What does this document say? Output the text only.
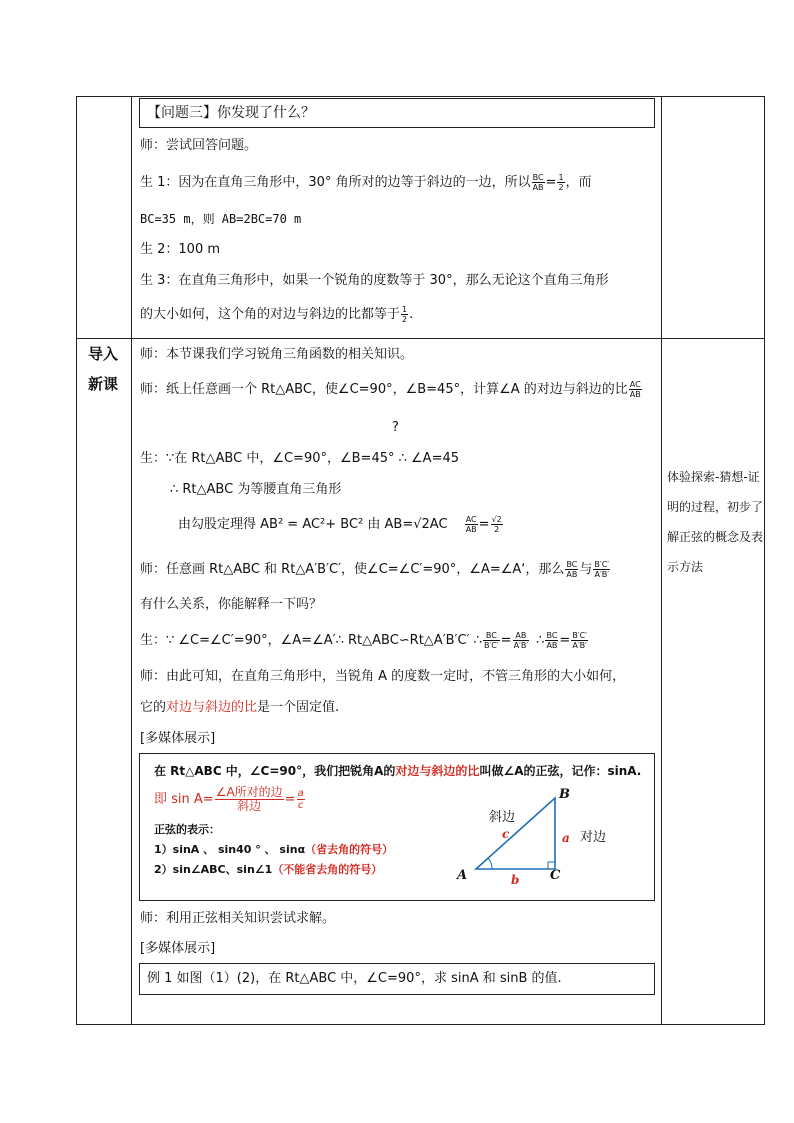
导入
新课
体验探索-猜想-证明的过程，初步了解正弦的概念及表示方法
【问题三】你发现了什么？
师：尝试回答问题。
生 1：因为在直角三角形中，30° 角所对的边等于斜边的一边，所以 $\frac{BC}{AB} = \frac{1}{2}$ ，而
BC=35 m，则 AB=2BC=70 m
生 2：100 m
生 3：在直角三角形中，如果一个锐角的度数等于 30°，那么无论这个直角三角形
的大小如何，这个角的对边与斜边的比都等于 $\frac{1}{2}$ .
师：本节课我们学习锐角三角函数的相关知识。
师：纸上任意画一个 Rt△ABC，使∠C=90°，∠B=45°，计算∠A 的对边与斜边的比 $\frac{AC}{AB}$
?
生：∵在 Rt△ABC 中，∠C=90°，∠B=45° ∴ ∠A=45
∴ Rt△ABC 为等腰直角三角形
由勾股定理得 AB² = AC²+ BC² 由 $AB=√2AC \frac{AC}{AB} = \frac{√2}{2}$
师：任意画 Rt△ABC 和 Rt△A′B′C′，使∠C=∠C′=90°，∠A=∠A‘，那么 $\frac{BC}{AB}$ 与 $\frac{B'C'}{A'B'}$
有什么关系，你能解释一下吗？
生：∵ ∠C=∠C′=90°，∠A=∠A′∴ Rt△ABC∽Rt△A′B′C′ ∴ $\frac{BC}{B'C'} = \frac{AB}{A'B'}$ ∴ $\frac{BC}{AB} = \frac{B'C'}{A'B'}$
师：由此可知，在直角三角形中，当锐角 A 的度数一定时，不管三角形的大小如何，
它的对边与斜边的比是一个固定值.
[多媒体展示]
在 Rt△ABC 中，∠C=90°，我们把锐角A的对边与斜边的比叫做∠A的正弦，记作：sinA.
即 $\sin A= \frac{\text{∠A所对的边}}{\text{斜边}} = \frac{a}{c}$
正弦的表示：
1）sinA 、 sin40 ° 、 sinα（省去角的符号）
2）sin∠ABC、sin∠1（不能省去角的符号）	A
B
C
a
b
c
斜边
对边
师：利用正弦相关知识尝试求解。
[多媒体展示]
例 1 如图（1）(2)，在 Rt△ABC 中，∠C=90°，求 sinA 和 sinB 的值.
